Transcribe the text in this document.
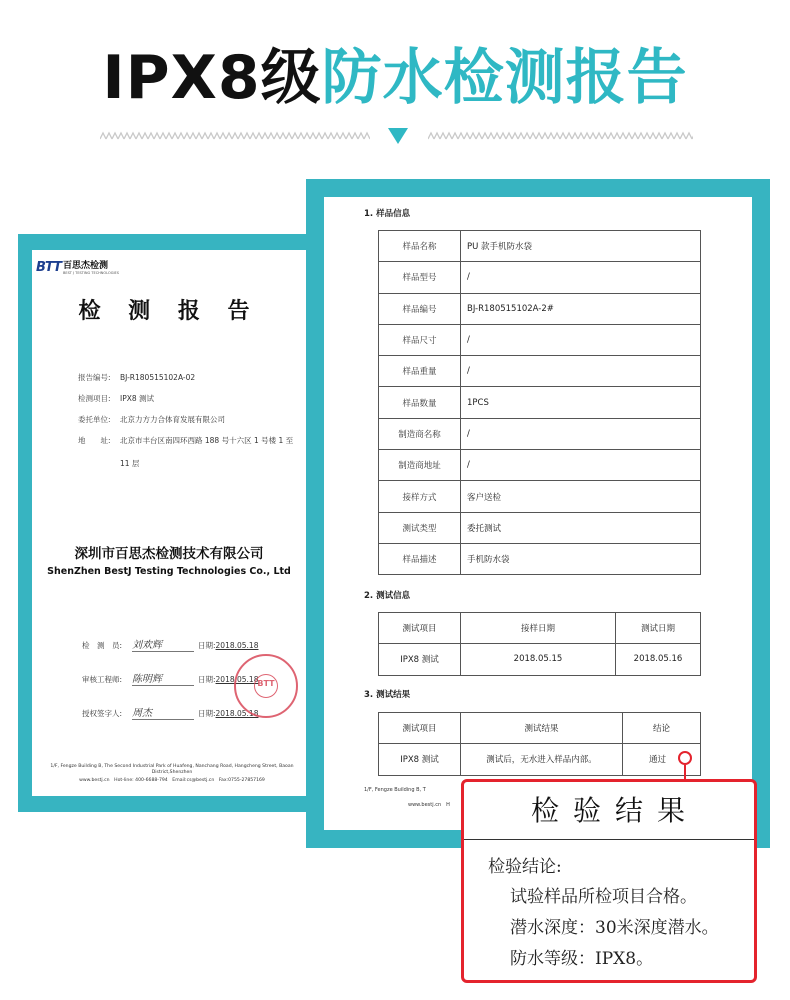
IPX8级防水检测报告
BTT 百思杰检测
BEST J TESTING TECHNOLOGIES
检 测 报 告
报告编号: BJ-R180515102A-02
检测项目: IPX8 测试
委托单位: 北京力方力合体育发展有限公司
地　　址: 北京市丰台区南四环西路 188 号十六区 1 号楼 1 至
11 层
深圳市百思杰检测技术有限公司
ShenZhen BestJ Testing Technologies Co., Ltd
检　测　员: 刘欢辉	日期:2018.05.18
审核工程师: 陈明辉	日期:2018.05.18
授权签字人: 周杰	日期:2018.05.18
BTT
1/F, Fengze Building B, The Second Industrial Park of Huafeng, Nanchang Road, Hangcheng Street, Baoan
District,Shenzhen
www.bestj.cn　Hot-line: 400-6688-794　Email:cs@bestj.cn　Fax:0755-27857169
1. 样品信息
样品名称	PU 款手机防水袋
样品型号	/
样品编号	BJ-R180515102A-2#
样品尺寸	/
样品重量	/
样品数量	1PCS
制造商名称	/
制造商地址	/
接样方式	客户送检
测试类型	委托测试
样品描述	手机防水袋
2. 测试信息
测试项目	接样日期	测试日期
IPX8 测试	2018.05.15	2018.05.16
3. 测试结果
测试项目	测试结果	结论
IPX8 测试	测试后，无水进入样品内部。	通过
1/F, Fengze Building B, T
www.bestj.cn　H	检验结果
检验结论:
试验样品所检项目合格。
潜水深度：30米深度潜水。
防水等级：IPX8。
